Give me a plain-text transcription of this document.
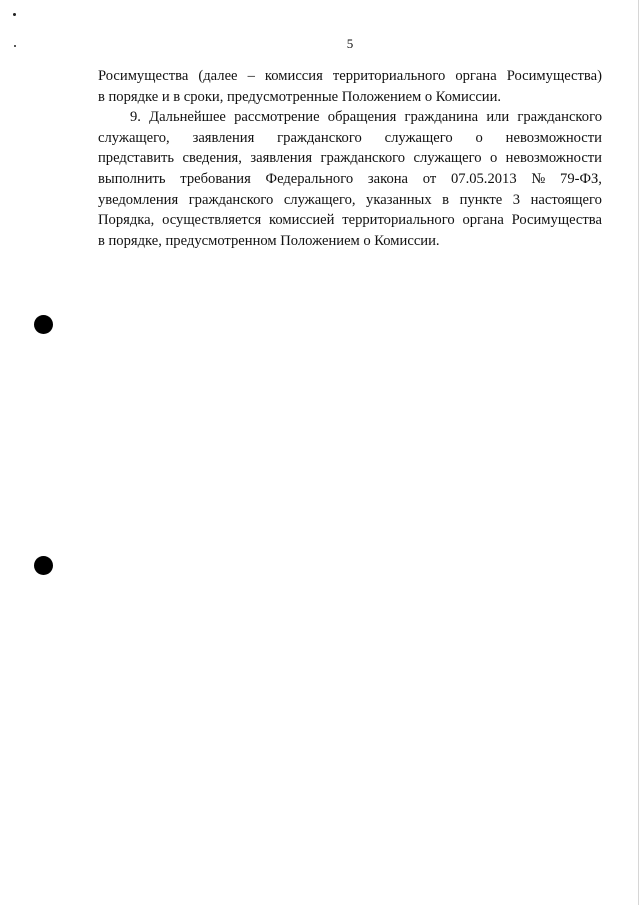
5
Росимущества (далее – комиссия территориального органа Росимущества)
в порядке и в сроки, предусмотренные Положением о Комиссии.
9. Дальнейшее рассмотрение обращения гражданина или гражданского
служащего, заявления гражданского служащего о невозможности
представить сведения, заявления гражданского служащего о невозможности
выполнить требования Федерального закона от 07.05.2013 № 79-ФЗ,
уведомления гражданского служащего, указанных в пункте 3 настоящего
Порядка, осуществляется комиссией территориального органа Росимущества
в порядке, предусмотренном Положением о Комиссии.
